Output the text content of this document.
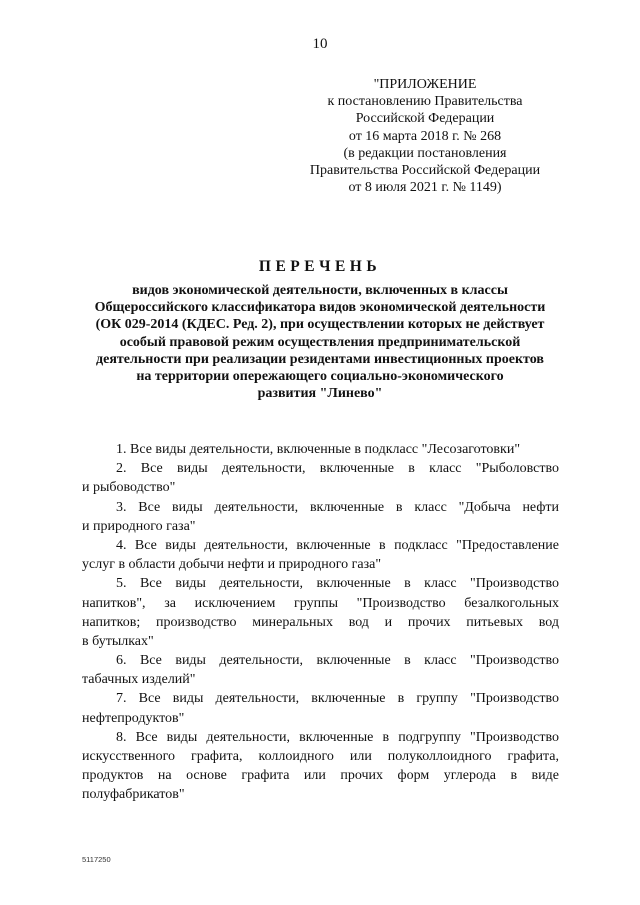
10
"ПРИЛОЖЕНИЕ
к постановлению Правительства
Российской Федерации
от 16 марта 2018 г. № 268
(в редакции постановления
Правительства Российской Федерации
от 8 июля 2021 г. № 1149)
ПЕРЕЧЕНЬ
видов экономической деятельности, включенных в классы
Общероссийского классификатора видов экономической деятельности
(ОК 029-2014 (КДЕС. Ред. 2), при осуществлении которых не действует
особый правовой режим осуществления предпринимательской
деятельности при реализации резидентами инвестиционных проектов
на территории опережающего социально-экономического
развития "Линево"
1. Все виды деятельности, включенные в подкласс "Лесозаготовки"
2. Все виды деятельности, включенные в класс "Рыболовство
и рыбоводство"
3. Все виды деятельности, включенные в класс "Добыча нефти
и природного газа"
4. Все виды деятельности, включенные в подкласс "Предоставление
услуг в области добычи нефти и природного газа"
5. Все виды деятельности, включенные в класс "Производство
напитков", за исключением группы "Производство безалкогольных
напитков; производство минеральных вод и прочих питьевых вод
в бутылках"
6. Все виды деятельности, включенные в класс "Производство
табачных изделий"
7. Все виды деятельности, включенные в группу "Производство
нефтепродуктов"
8. Все виды деятельности, включенные в подгруппу "Производство
искусственного графита, коллоидного или полуколлоидного графита,
продуктов на основе графита или прочих форм углерода в виде
полуфабрикатов"
5117250
